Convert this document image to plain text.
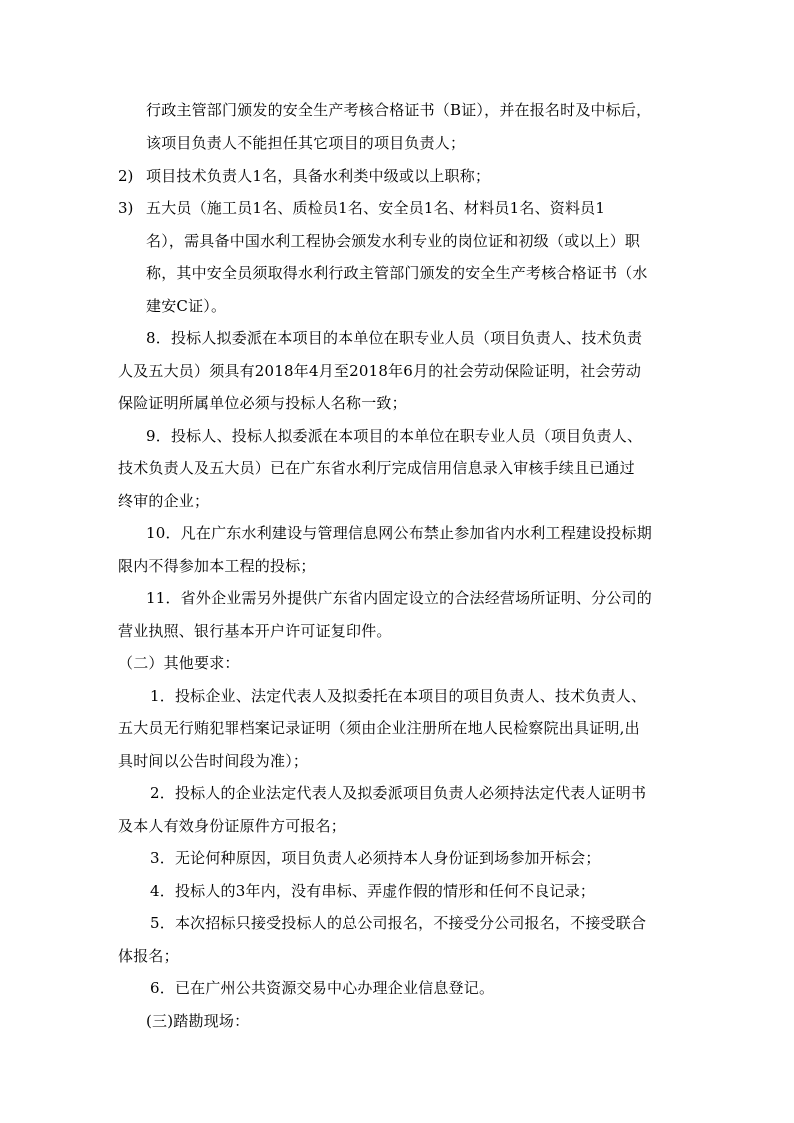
行政主管部门颁发的安全生产考核合格证书（B证），并在报名时及中标后，
该项目负责人不能担任其它项目的项目负责人；
2) 项目技术负责人1名，具备水利类中级或以上职称；
3) 五大员（施工员1名、质检员1名、安全员1名、材料员1名、资料员1
名），需具备中国水利工程协会颁发水利专业的岗位证和初级（或以上）职
称，其中安全员须取得水利行政主管部门颁发的安全生产考核合格证书（水
建安C证）。
8．投标人拟委派在本项目的本单位在职专业人员（项目负责人、技术负责
人及五大员）须具有2018年4月至2018年6月的社会劳动保险证明，社会劳动
保险证明所属单位必须与投标人名称一致；
9．投标人、投标人拟委派在本项目的本单位在职专业人员（项目负责人、
技术负责人及五大员）已在广东省水利厅完成信用信息录入审核手续且已通过
终审的企业；
10．凡在广东水利建设与管理信息网公布禁止参加省内水利工程建设投标期
限内不得参加本工程的投标；
11．省外企业需另外提供广东省内固定设立的合法经营场所证明、分公司的
营业执照、银行基本开户许可证复印件。
（二）其他要求：
1．投标企业、法定代表人及拟委托在本项目的项目负责人、技术负责人、
五大员无行贿犯罪档案记录证明（须由企业注册所在地人民检察院出具证明,出
具时间以公告时间段为准）；
2．投标人的企业法定代表人及拟委派项目负责人必须持法定代表人证明书
及本人有效身份证原件方可报名；
3．无论何种原因，项目负责人必须持本人身份证到场参加开标会；
4．投标人的3年内，没有串标、弄虚作假的情形和任何不良记录；
5．本次招标只接受投标人的总公司报名，不接受分公司报名，不接受联合
体报名；
6．已在广州公共资源交易中心办理企业信息登记。
(三)踏勘现场：
